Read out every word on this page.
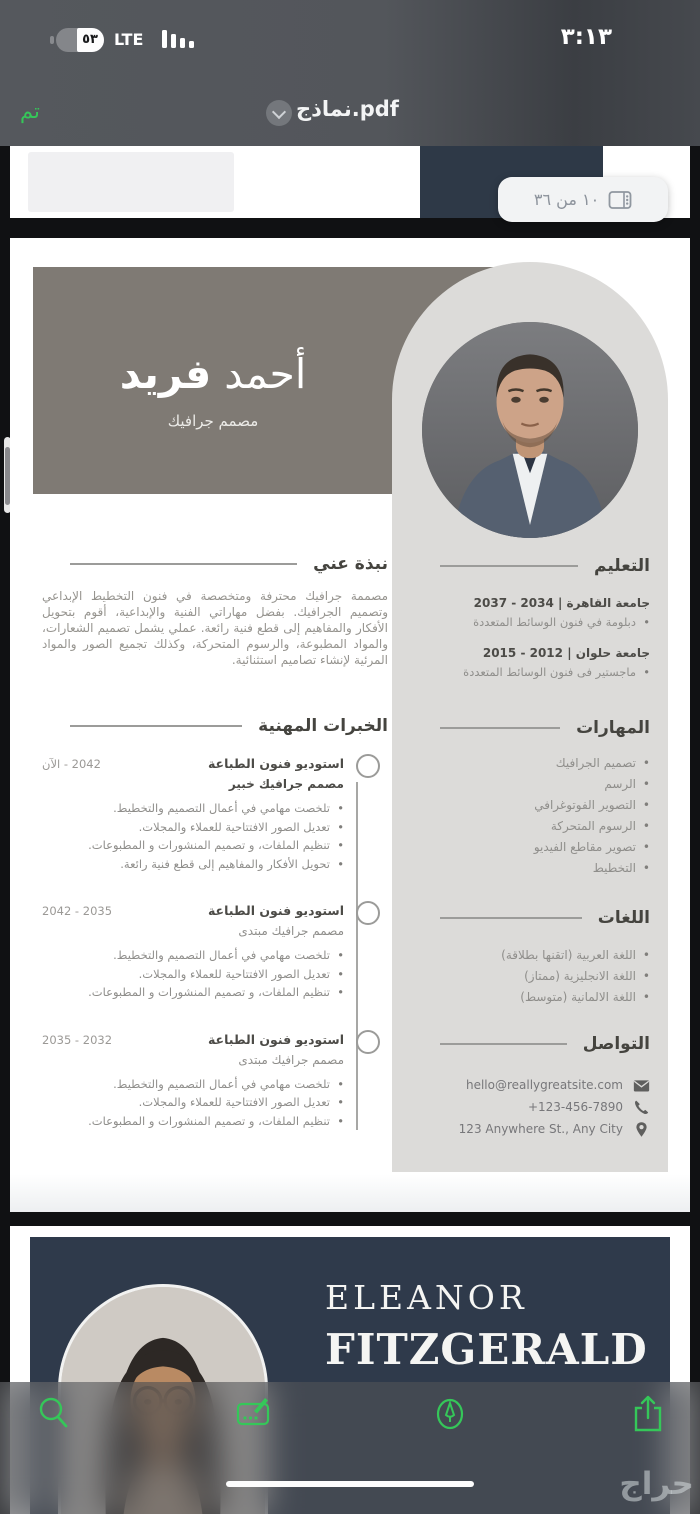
٥٣ LTE	٣:١٣
تم	نماذج.pdf
١٠ من ٣٦
أحمد فريد
مصمم جرافيك
نبذة عني
مصممة جرافيك محترفة ومتخصصة في فنون التخطيط الإبداعي وتصميم الجرافيك. بفضل مهاراتي الفنية والإبداعية، أقوم بتحويل الأفكار والمفاهيم إلى قطع فنية رائعة. عملي يشمل تصميم الشعارات، والمواد المطبوعة، والرسوم المتحركة، وكذلك تجميع الصور والمواد المرئية لإنشاء تصاميم استثنائية.
الخبرات المهنية
استوديو فنون الطباعة
2042 - الآن
مصمم جرافيك خبير
• تلخصت مهامي في أعمال التصميم والتخطيط.
• تعديل الصور الافتتاحية للعملاء والمجلات.
• تنظيم الملفات، و تصميم المنشورات و المطبوعات.
• تحويل الأفكار والمفاهيم إلى قطع فنية رائعة.
استوديو فنون الطباعة
2035 - 2042
مصمم جرافيك مبتدى
• تلخصت مهامي في أعمال التصميم والتخطيط.
• تعديل الصور الافتتاحية للعملاء والمجلات.
• تنظيم الملفات، و تصميم المنشورات و المطبوعات.
استوديو فنون الطباعة
2032 - 2035
مصمم جرافيك مبتدى
• تلخصت مهامي في أعمال التصميم والتخطيط.
• تعديل الصور الافتتاحية للعملاء والمجلات.
• تنظيم الملفات، و تصميم المنشورات و المطبوعات.
التعليم
جامعة القاهرة | 2034 - 2037
• دبلومة في فنون الوسائط المتعددة
جامعة حلوان | 2012 - 2015
• ماجستير فى فنون الوسائط المتعددة
المهارات
• تصميم الجرافيك
• الرسم
• التصوير الفوتوغرافي
• الرسوم المتحركة
• تصوير مقاطع الفيديو
• التخطيط
اللغات
• اللغة العربية (اتقنها بطلاقة)
• اللغة الانجليزية (ممتاز)
• اللغة الالمانية (متوسط)
التواصل
hello@reallygreatsite.com
+123-456-7890
123 Anywhere St., Any City
ELEANOR
FITZGERALD
حراج
